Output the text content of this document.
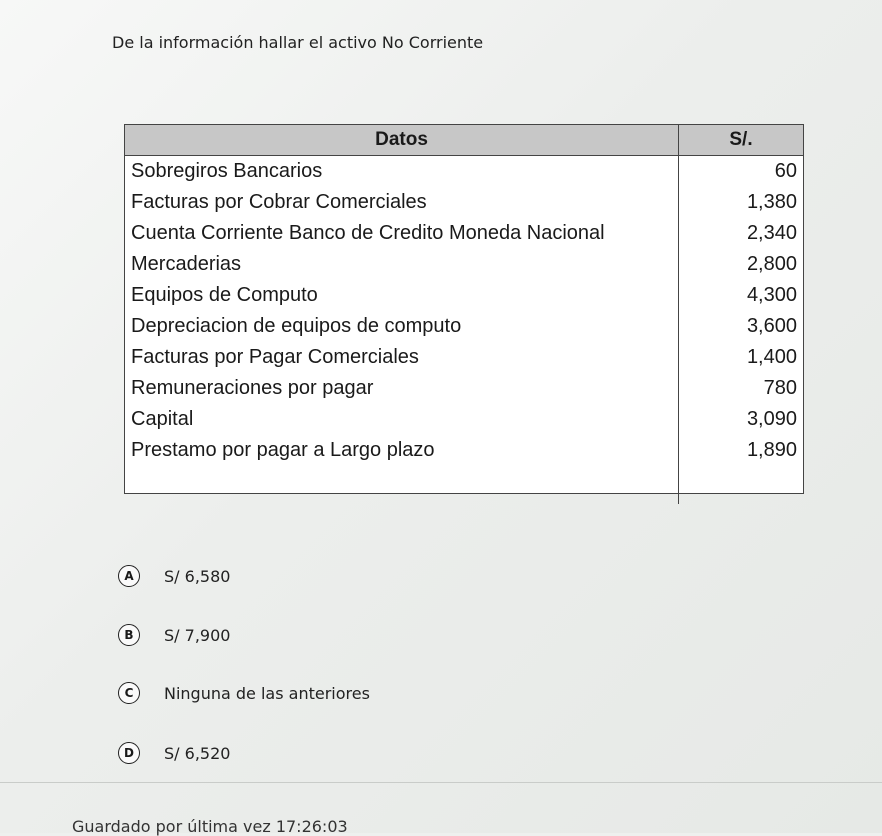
De la información hallar el activo No Corriente
Datos	S/.
Sobregiros Bancarios	60
Facturas por Cobrar Comerciales	1,380
Cuenta Corriente Banco de Credito Moneda Nacional	2,340
Mercaderias	2,800
Equipos de Computo	4,300
Depreciacion de equipos de computo	3,600
Facturas por Pagar Comerciales	1,400
Remuneraciones por pagar	780
Capital	3,090
Prestamo por pagar a Largo plazo	1,890

A	S/ 6,580
B	S/ 7,900
C	Ninguna de las anteriores
D	S/ 6,520
Guardado por última vez 17:26:03
